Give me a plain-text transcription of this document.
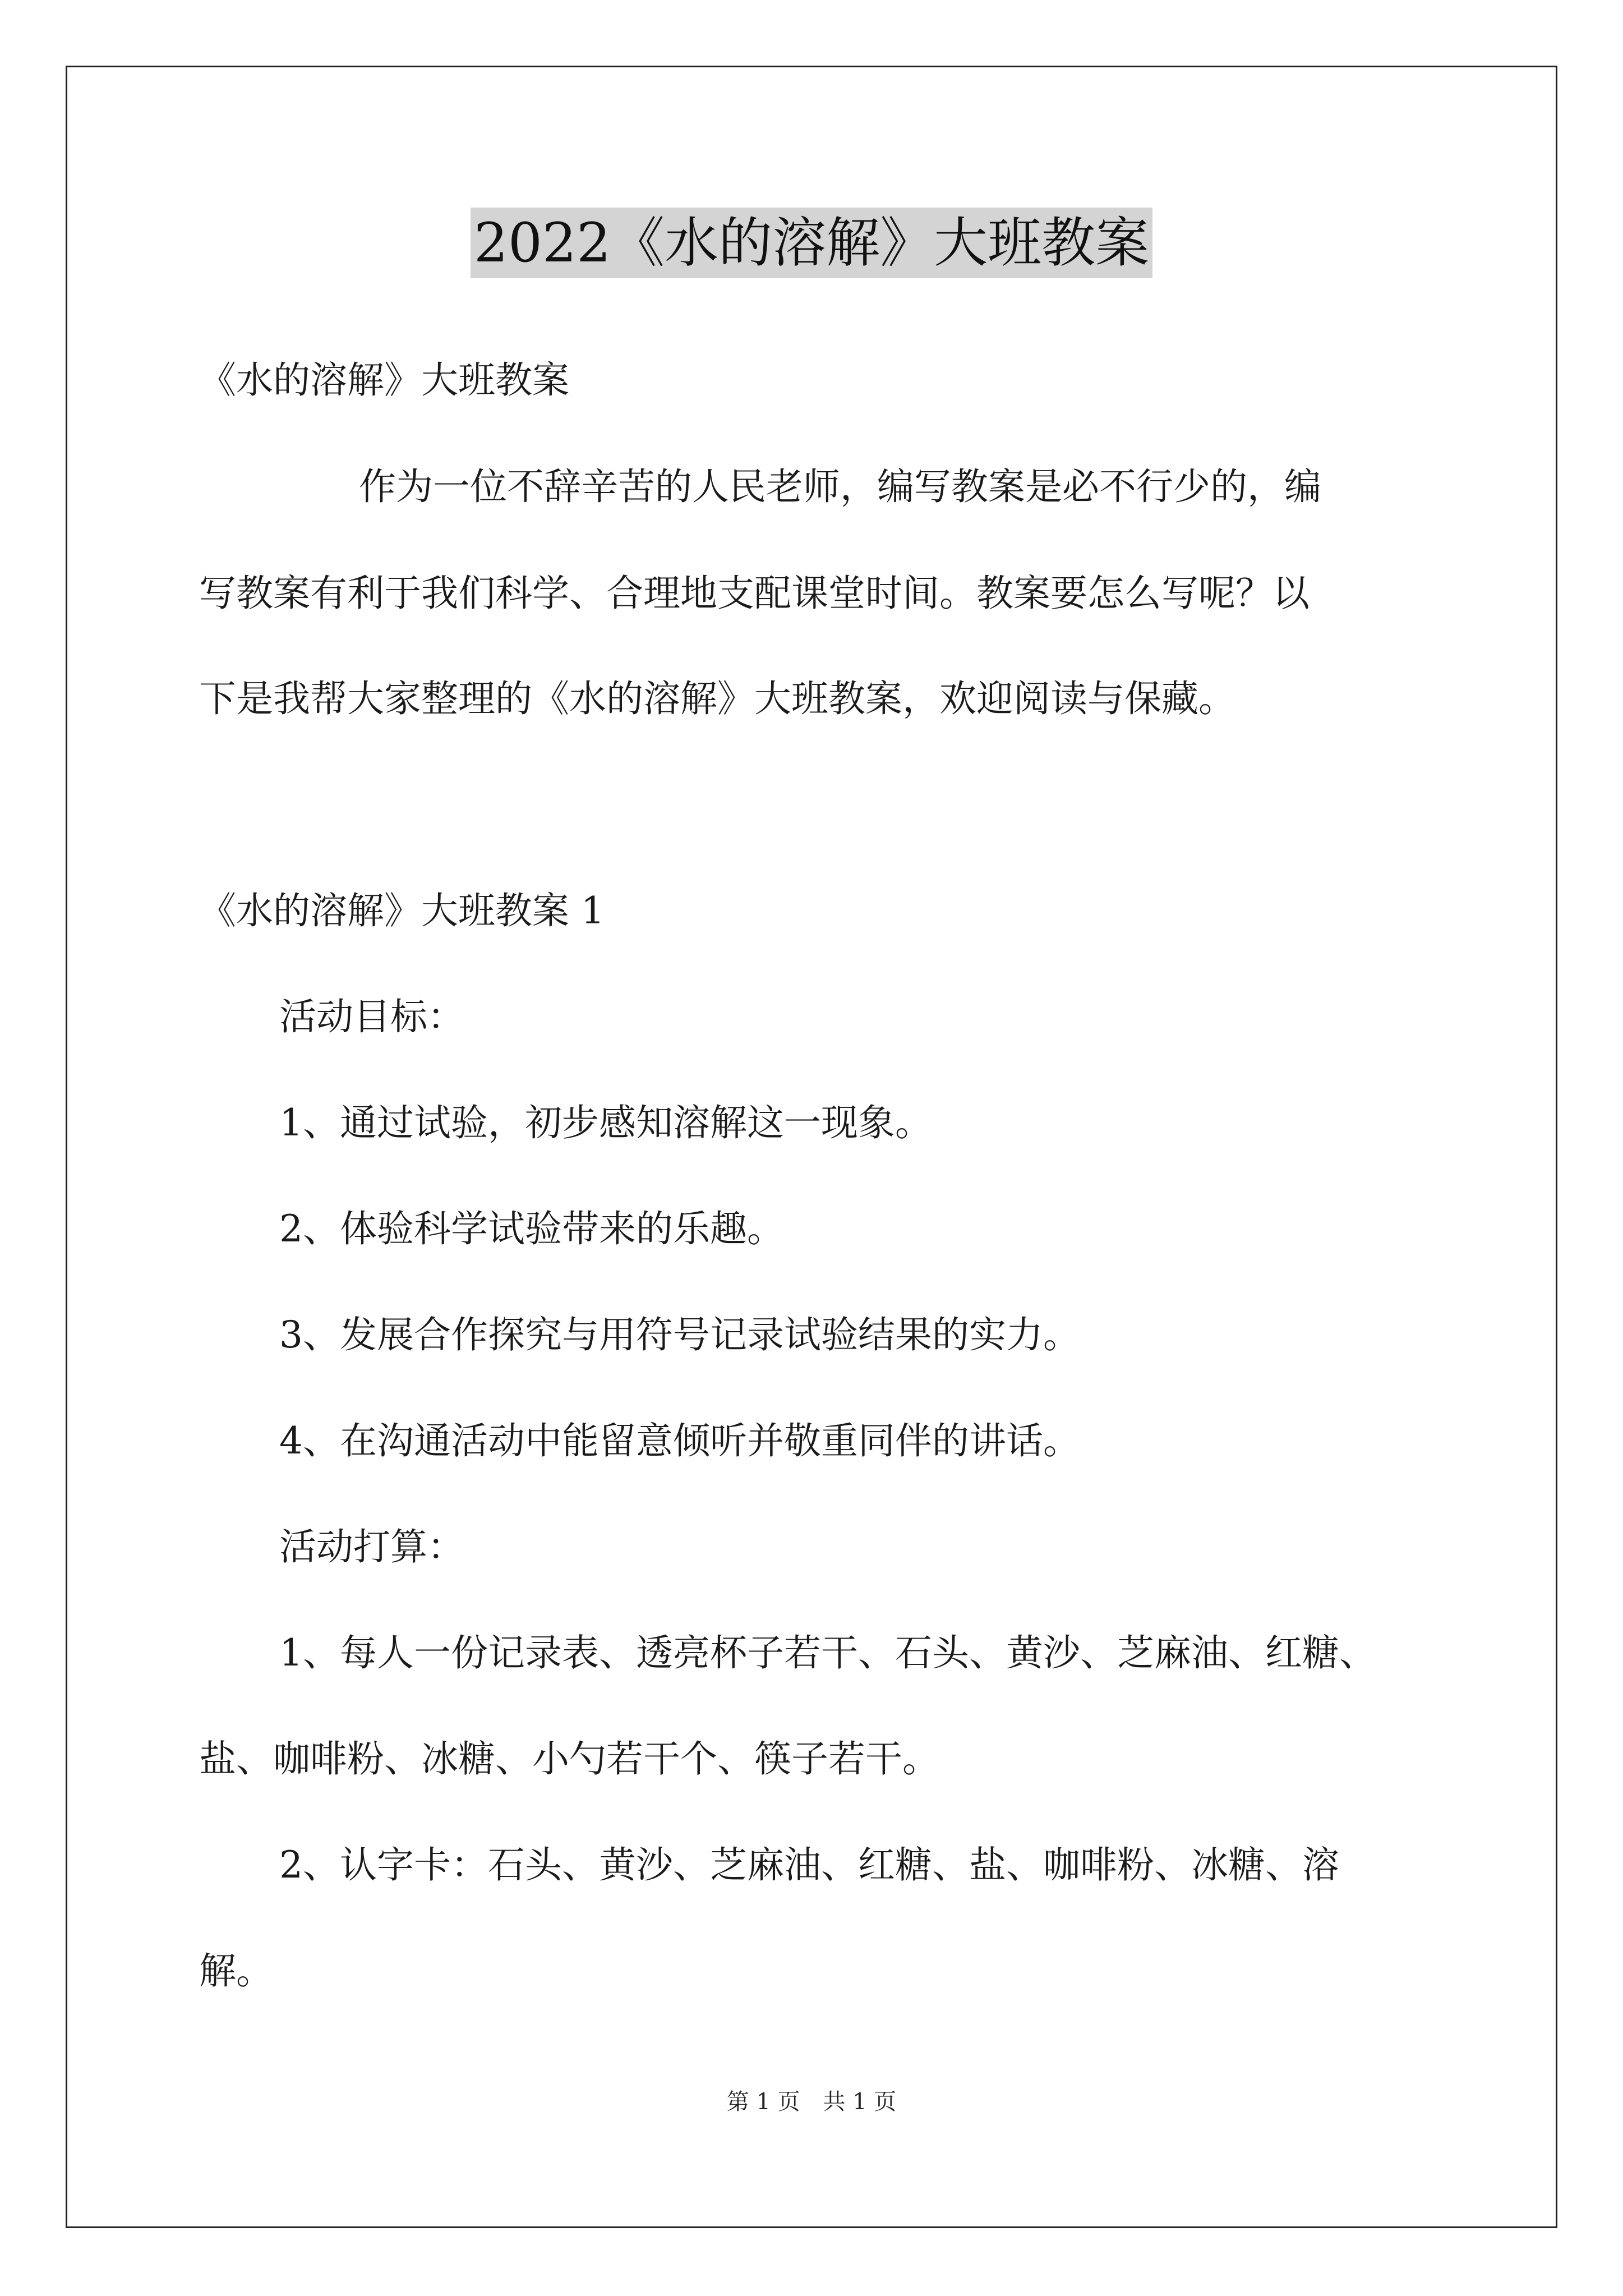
2022《水的溶解》大班教案
《水的溶解》大班教案
作为一位不辞辛苦的人民老师，编写教案是必不行少的，编
写教案有利于我们科学、合理地支配课堂时间。教案要怎么写呢？以
下是我帮大家整理的《水的溶解》大班教案，欢迎阅读与保藏。
《水的溶解》大班教案 1
活动目标：
1、通过试验，初步感知溶解这一现象。
2、体验科学试验带来的乐趣。
3、发展合作探究与用符号记录试验结果的实力。
4、在沟通活动中能留意倾听并敬重同伴的讲话。
活动打算：
1、每人一份记录表、透亮杯子若干、石头、黄沙、芝麻油、红糖、
盐、咖啡粉、冰糖、小勺若干个、筷子若干。
2、认字卡：石头、黄沙、芝麻油、红糖、盐、咖啡粉、冰糖、溶
解。
第 1 页 共 1 页
